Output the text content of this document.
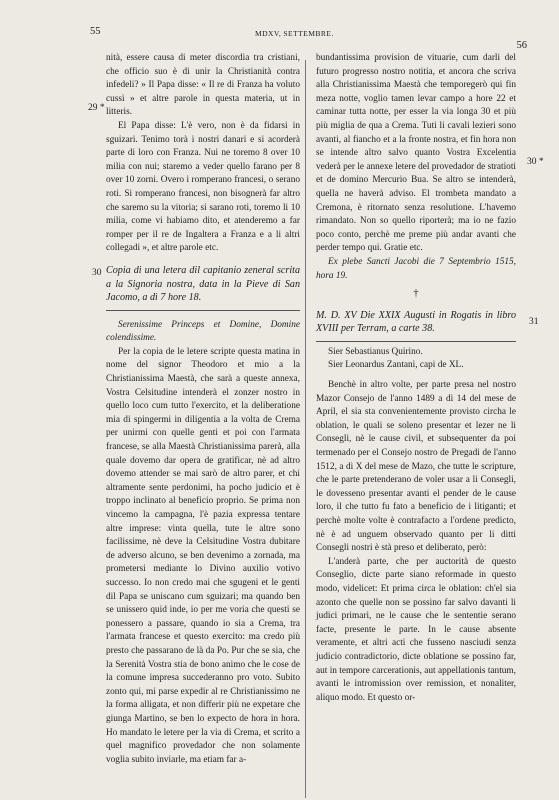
55	MDXV, SETTEMBRE.
56
29 *
30
30 *
31

nità, essere causa di meter discordia tra cristiani, che officio suo è di unir la Christianità contra infedeli? » Il Papa disse: « Il re di Franza ha voluto cussì » et altre parole in questa materia, ut in litteris.

El Papa disse: L'è vero, non è da fidarsi in sguizari. Tenimo torà i nostri danari e si acorderà parte di loro con Franza. Nui ne toremo 8 over 10 milia con nui; staremo a veder quello farano per 8 over 10 zorni. Overo i romperano francesi, o serano roti. Si romperano francesi, non bisognerà far altro che saremo su la vitoria; si sarano roti, toremo li 10 milia, come vi habiamo dito, et atenderemo a far romper per il re de Ingaltera a Franza e a li altri collegadi », et altre parole etc.

Copia di una letera dil capitanio zeneral scrita a la Signoria nostra, data in la Pieve di San Jacomo, a dì 7 hore 18.

Serenissime Princeps et Domine, Domine colendissime.

Per la copia de le letere scripte questa matina in nome del signor Theodoro et mio a la Christianissima Maestà, che sarà a queste annexa, Vostra Celsitudine intenderà el zonzer nostro in quello loco cum tutto l'exercito, et la deliberatione mia di spingermi in diligentia a la volta de Crema per unirmi con quelle genti et poi con l'armata francese, se alla Maestà Christianissima parerà, alla quale dovemo dar opera de gratificar, nè ad altro dovemo attender se mai sarò de altro parer, et chi altramente sente perdonimi, ha pocho judicio et è troppo inclinato al beneficio proprio. Se prima non vincemo la campagna, l'è pazia expressa tentare altre imprese: vinta quella, tute le altre sono facilissime, nè deve la Celsitudine Vostra dubitare de adverso alcuno, se ben devenimo a zornada, ma prometersi mediante lo Divino auxilio votivo successo. Io non credo mai che sgugeni et le genti dil Papa se uniscano cum sguizari; ma quando ben se unissero quid inde, io per me voria che questi se ponessero a passare, quando io sia a Crema, tra l'armata francese et questo exercito: ma credo più presto che passarano de là da Po. Pur che se sia, che la Serenità Vostra stia de bono animo che le cose de la comune impresa succederanno pro voto. Subito zonto qui, mi parse expedir al re Christianissimo ne la forma alligata, et non differir più ne expetare che giunga Martino, se ben lo expecto de hora in hora. Ho mandato le letere per la via di Crema, et scrito a quel magnifico provedador che non solamente voglia subito inviarle, ma etiam far a-

bundantissima provision de vituarie, cum darli del futuro progresso nostro notitia, et ancora che scriva alla Christianissima Maestà che temporegerò qui fin meza notte, voglio tamen levar campo a hore 22 et caminar tutta notte, per esser la via longa 30 et più più miglia de qua a Crema. Tuti li cavali lezieri sono avanti, al fiancho et a la fronte nostra, et fin hora non se intende altro salvo quanto Vostra Excelentia vederà per le annexe letere del provedador de stratioti et de domino Mercurio Bua. Se altro se intenderà, quella ne haverà adviso. El trombeta mandato a Cremona, è ritornato senza resolutione. L'havemo rimandato. Non so quello riporterà; ma io ne fazio poco conto, perchè me preme più andar avanti che perder tempo qui. Gratie etc.

Ex plebe Sancti Jacobi die 7 Septembrio 1515, hora 19.

†

M. D. XV Die XXIX Augusti in Rogatis in libro XVIII per Terram, a carte 38.

Sier Sebastianus Quirino.

Sier Leonardus Zantani, capi de XL.

Benchè in altro volte, per parte presa nel nostro Mazor Consejo de l'anno 1489 a dì 14 del mese de April, el sia sta convenientemente provisto circha le oblation, le quali se soleno presentar et lezer ne li Conseglì, nè le cause civil, et subsequenter da poi termenado per el Consejo nostro de Pregadi de l'anno 1512, a dì X del mese de Mazo, che tutte le scripture, che le parte pretenderano de voler usar a li Consegli, le dovesseno presentar avanti el pender de le cause loro, il che tutto fu fato a beneficio de i litiganti; et perchè molte volte è contrafacto a l'ordene predicto, nè è ad unguem observado quanto per li ditti Consegli nostri è stà preso et deliberato, però:

L'anderà parte, che per auctorità de questo Conseglio, dicte parte siano reformade in questo modo, videlicet: Et prima circa le oblation: ch'el sia azonto che quelle non se possino far salvo davanti li judici primari, ne le cause che le sententie serano facte, presente le parte. In le cause absente veramente, et altri acti che fusseno nasciudi senza judicio contradictorio, dicte oblatione se possino far, aut in tempore carcerationis, aut appellationis tantum, avanti le intromission over remission, et nonaliter, aliquo modo. Et questo or-
